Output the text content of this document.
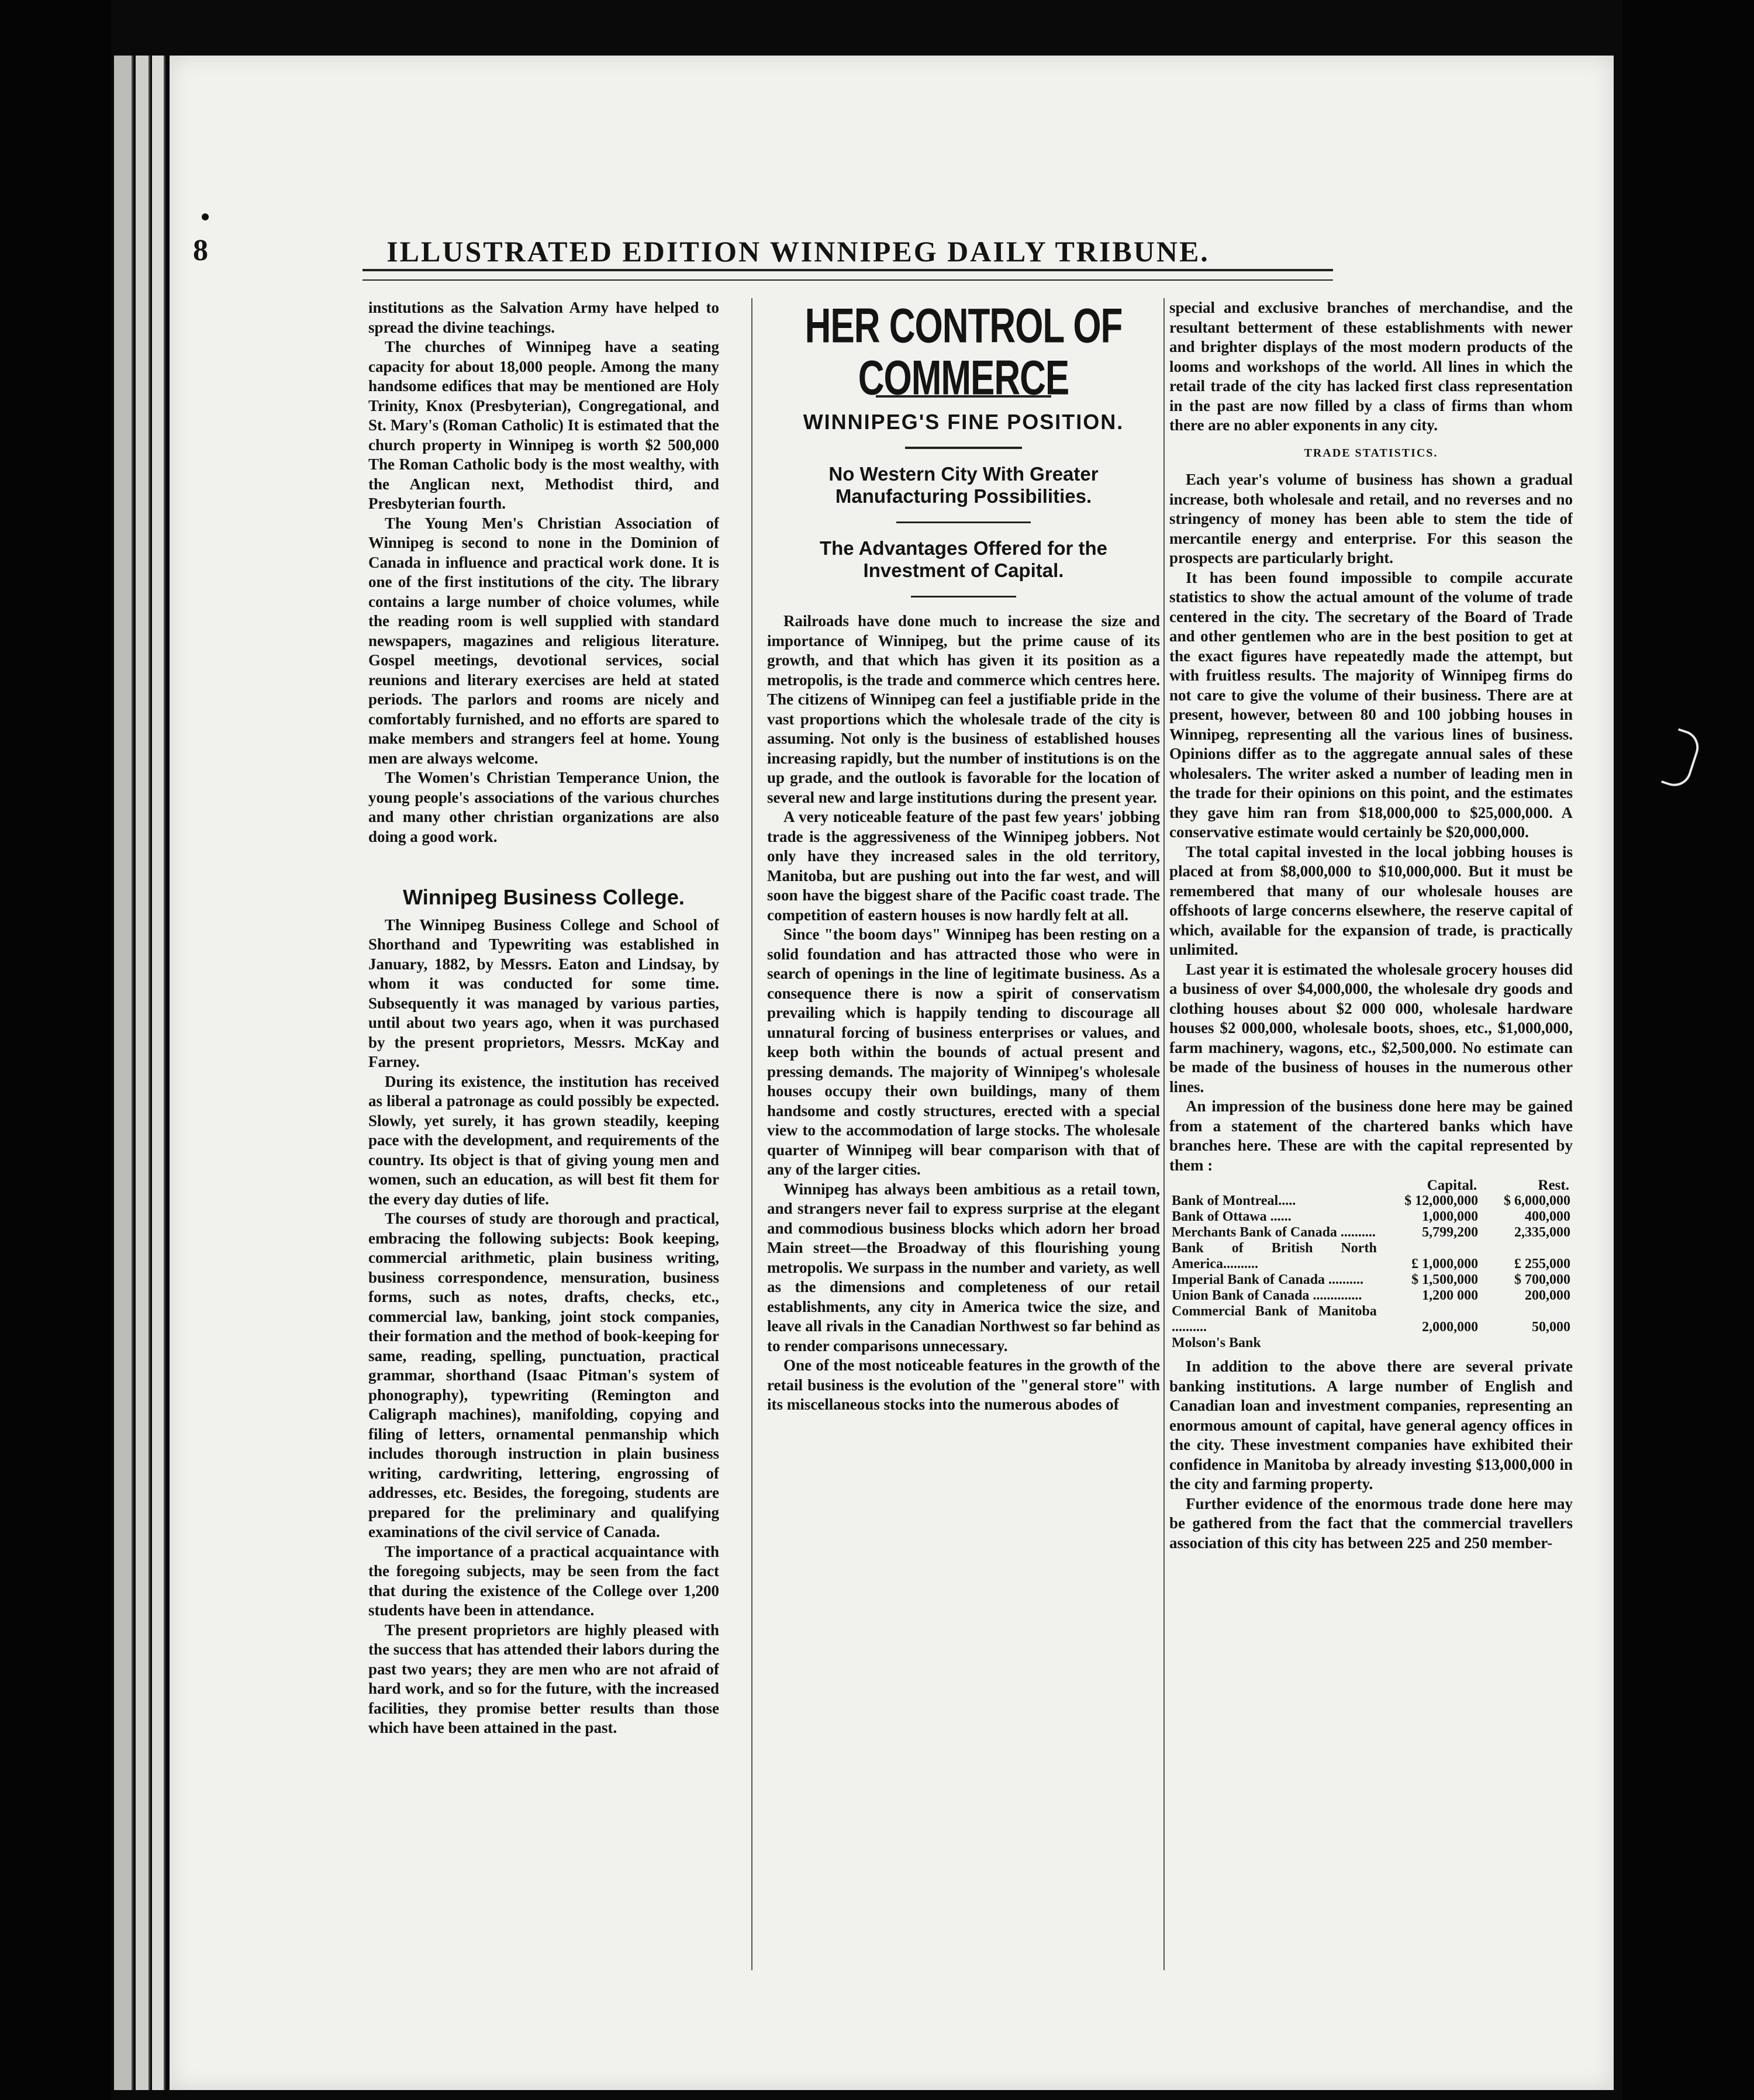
8	ILLUSTRATED EDITION WINNIPEG DAILY TRIBUNE.

institutions as the Salvation Army have helped to spread the divine teachings.

The churches of Winnipeg have a seating capacity for about 18,000 people. Among the many handsome edifices that may be mentioned are Holy Trinity, Knox (Presbyterian), Congregational, and St. Mary's (Roman Catholic) It is estimated that the church property in Winnipeg is worth $2 500,000 The Roman Catholic body is the most wealthy, with the Anglican next, Methodist third, and Presbyterian fourth.

The Young Men's Christian Association of Winnipeg is second to none in the Dominion of Canada in influence and practical work done. It is one of the first institutions of the city. The library contains a large number of choice volumes, while the reading room is well supplied with standard newspapers, magazines and religious literature. Gospel meetings, devotional services, social reunions and literary exercises are held at stated periods. The parlors and rooms are nicely and comfortably furnished, and no efforts are spared to make members and strangers feel at home. Young men are always welcome.

The Women's Christian Temperance Union, the young people's associations of the various churches and many other christian organizations are also doing a good work.

Winnipeg Business College.

The Winnipeg Business College and School of Shorthand and Typewriting was established in January, 1882, by Messrs. Eaton and Lindsay, by whom it was conducted for some time. Subsequently it was managed by various parties, until about two years ago, when it was purchased by the present proprietors, Messrs. McKay and Farney.

During its existence, the institution has received as liberal a patronage as could possibly be expected. Slowly, yet surely, it has grown steadily, keeping pace with the development, and requirements of the country. Its object is that of giving young men and women, such an education, as will best fit them for the every day duties of life.

The courses of study are thorough and practical, embracing the following subjects: Book keeping, commercial arithmetic, plain business writing, business correspondence, mensuration, business forms, such as notes, drafts, checks, etc., commercial law, banking, joint stock companies, their formation and the method of book-keeping for same, reading, spelling, punctuation, practical grammar, shorthand (Isaac Pitman's system of phonography), typewriting (Remington and Caligraph machines), manifolding, copying and filing of letters, ornamental penmanship which includes thorough instruction in plain business writing, cardwriting, lettering, engrossing of addresses, etc. Besides, the foregoing, students are prepared for the preliminary and qualifying examinations of the civil service of Canada.

The importance of a practical acquaintance with the foregoing subjects, may be seen from the fact that during the existence of the College over 1,200 students have been in attendance.

The present proprietors are highly pleased with the success that has attended their labors during the past two years; they are men who are not afraid of hard work, and so for the future, with the increased facilities, they promise better results than those which have been attained in the past.

HER CONTROL OF COMMERCE
WINNIPEG'S FINE POSITION.
No Western City With Greater Manufacturing Possibilities.
The Advantages Offered for the Investment of Capital.

Railroads have done much to increase the size and importance of Winnipeg, but the prime cause of its growth, and that which has given it its position as a metropolis, is the trade and commerce which centres here. The citizens of Winnipeg can feel a justifiable pride in the vast proportions which the wholesale trade of the city is assuming. Not only is the business of established houses increasing rapidly, but the number of institutions is on the up grade, and the outlook is favorable for the location of several new and large institutions during the present year.

A very noticeable feature of the past few years' jobbing trade is the aggressiveness of the Winnipeg jobbers. Not only have they increased sales in the old territory, Manitoba, but are pushing out into the far west, and will soon have the biggest share of the Pacific coast trade. The competition of eastern houses is now hardly felt at all.

Since "the boom days" Winnipeg has been resting on a solid foundation and has attracted those who were in search of openings in the line of legitimate business. As a consequence there is now a spirit of conservatism prevailing which is happily tending to discourage all unnatural forcing of business enterprises or values, and keep both within the bounds of actual present and pressing demands. The majority of Winnipeg's wholesale houses occupy their own buildings, many of them handsome and costly structures, erected with a special view to the accommodation of large stocks. The wholesale quarter of Winnipeg will bear comparison with that of any of the larger cities.

Winnipeg has always been ambitious as a retail town, and strangers never fail to express surprise at the elegant and commodious business blocks which adorn her broad Main street—the Broadway of this flourishing young metropolis. We surpass in the number and variety, as well as the dimensions and completeness of our retail establishments, any city in America twice the size, and leave all rivals in the Canadian Northwest so far behind as to render comparisons unnecessary.

One of the most noticeable features in the growth of the retail business is the evolution of the "general store" with its miscellaneous stocks into the numerous abodes of

special and exclusive branches of merchandise, and the resultant betterment of these establishments with newer and brighter displays of the most modern products of the looms and workshops of the world. All lines in which the retail trade of the city has lacked first class representation in the past are now filled by a class of firms than whom there are no abler exponents in any city.

TRADE STATISTICS.

Each year's volume of business has shown a gradual increase, both wholesale and retail, and no reverses and no stringency of money has been able to stem the tide of mercantile energy and enterprise. For this season the prospects are particularly bright.

It has been found impossible to compile accurate statistics to show the actual amount of the volume of trade centered in the city. The secretary of the Board of Trade and other gentlemen who are in the best position to get at the exact figures have repeatedly made the attempt, but with fruitless results. The majority of Winnipeg firms do not care to give the volume of their business. There are at present, however, between 80 and 100 jobbing houses in Winnipeg, representing all the various lines of business. Opinions differ as to the aggregate annual sales of these wholesalers. The writer asked a number of leading men in the trade for their opinions on this point, and the estimates they gave him ran from $18,000,000 to $25,000,000. A conservative estimate would certainly be $20,000,000.

The total capital invested in the local jobbing houses is placed at from $8,000,000 to $10,000,000. But it must be remembered that many of our wholesale houses are offshoots of large concerns elsewhere, the reserve capital of which, available for the expansion of trade, is practically unlimited.

Last year it is estimated the wholesale grocery houses did a business of over $4,000,000, the wholesale dry goods and clothing houses about $2 000 000, wholesale hardware houses $2 000,000, wholesale boots, shoes, etc., $1,000,000, farm machinery, wagons, etc., $2,500,000. No estimate can be made of the business of houses in the numerous other lines.

An impression of the business done here may be gained from a statement of the chartered banks which have branches here. These are with the capital represented by them :

	Capital.	Rest.
Bank of Montreal.....	$ 12,000,000	$ 6,000,000
Bank of Ottawa ......	1,000,000	400,000
Merchants Bank of Canada ..........	5,799,200	2,335,000
Bank of British North America..........	£ 1,000,000	£ 255,000
Imperial Bank of Canada ..........	$ 1,500,000	$ 700,000
Union Bank of Canada ..............	1,200 000	200,000
Commercial Bank of Manitoba ..........	2,000,000	50,000
Molson's Bank		

In addition to the above there are several private banking institutions. A large number of English and Canadian loan and investment companies, representing an enormous amount of capital, have general agency offices in the city. These investment companies have exhibited their confidence in Manitoba by already investing $13,000,000 in the city and farming property.

Further evidence of the enormous trade done here may be gathered from the fact that the commercial travellers association of this city has between 225 and 250 member-
